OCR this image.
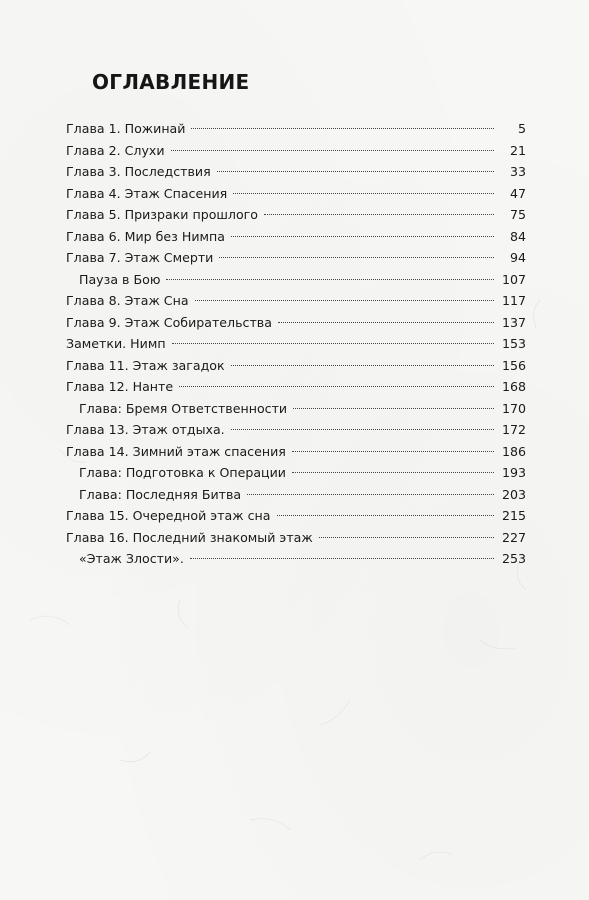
ОГЛАВЛЕНИЕ
Глава 1. Пожинай	5
Глава 2. Слухи	21
Глава 3. Последствия	33
Глава 4. Этаж Спасения	47
Глава 5. Призраки прошлого	75
Глава 6. Мир без Нимпа	84
Глава 7. Этаж Смерти	94
Пауза в Бою	107
Глава 8. Этаж Сна	117
Глава 9. Этаж Собирательства	137
Заметки. Нимп	153
Глава 11. Этаж загадок	156
Глава 12. Нанте	168
Глава: Бремя Ответственности	170
Глава 13. Этаж отдыха.	172
Глава 14. Зимний этаж спасения	186
Глава: Подготовка к Операции	193
Глава: Последняя Битва	203
Глава 15. Очередной этаж сна	215
Глава 16. Последний знакомый этаж	227
«Этаж Злости».	253
